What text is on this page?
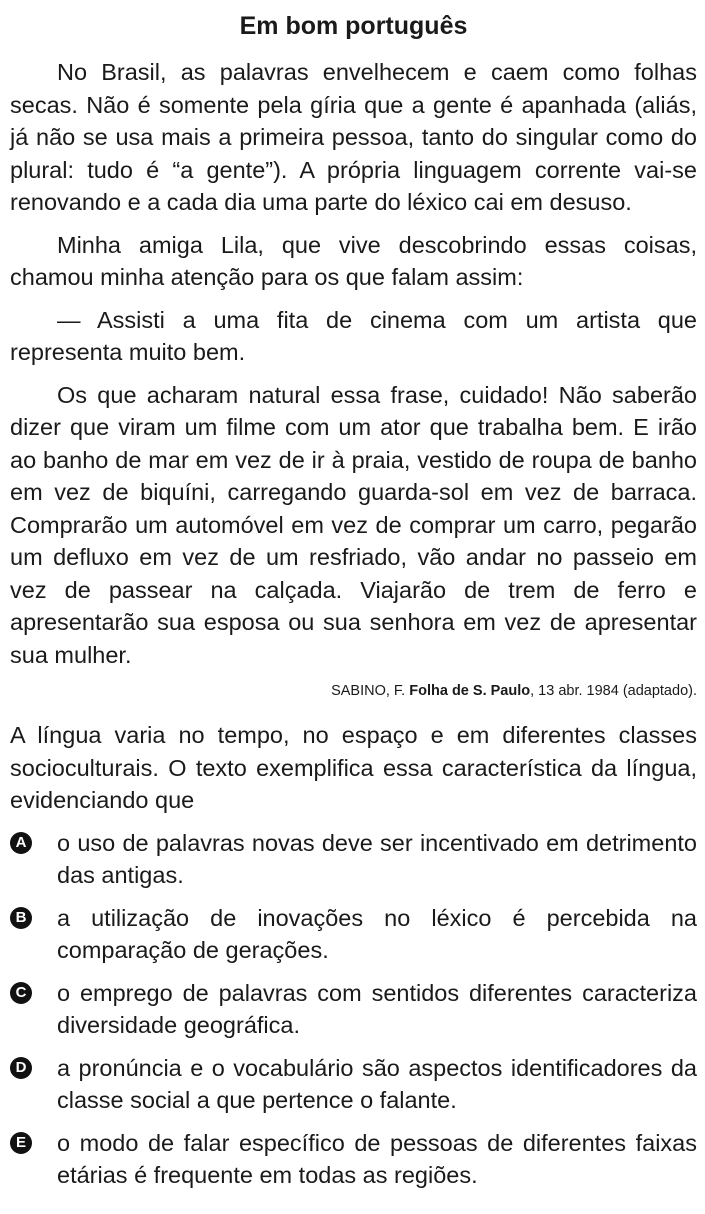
Em bom português
No Brasil, as palavras envelhecem e caem como folhas secas. Não é somente pela gíria que a gente é apanhada (aliás, já não se usa mais a primeira pessoa, tanto do singular como do plural: tudo é “a gente”). A própria linguagem corrente vai-se renovando e a cada dia uma parte do léxico cai em desuso.
Minha amiga Lila, que vive descobrindo essas coisas, chamou minha atenção para os que falam assim:
— Assisti a uma fita de cinema com um artista que representa muito bem.
Os que acharam natural essa frase, cuidado! Não saberão dizer que viram um filme com um ator que trabalha bem. E irão ao banho de mar em vez de ir à praia, vestido de roupa de banho em vez de biquíni, carregando guarda-sol em vez de barraca. Comprarão um automóvel em vez de comprar um carro, pegarão um defluxo em vez de um resfriado, vão andar no passeio em vez de passear na calçada. Viajarão de trem de ferro e apresentarão sua esposa ou sua senhora em vez de apresentar sua mulher.
SABINO, F. Folha de S. Paulo, 13 abr. 1984 (adaptado).
A língua varia no tempo, no espaço e em diferentes classes socioculturais. O texto exemplifica essa característica da língua, evidenciando que
A o uso de palavras novas deve ser incentivado em detrimento das antigas.
B a utilização de inovações no léxico é percebida na comparação de gerações.
C o emprego de palavras com sentidos diferentes caracteriza diversidade geográfica.
D a pronúncia e o vocabulário são aspectos identificadores da classe social a que pertence o falante.
E o modo de falar específico de pessoas de diferentes faixas etárias é frequente em todas as regiões.
